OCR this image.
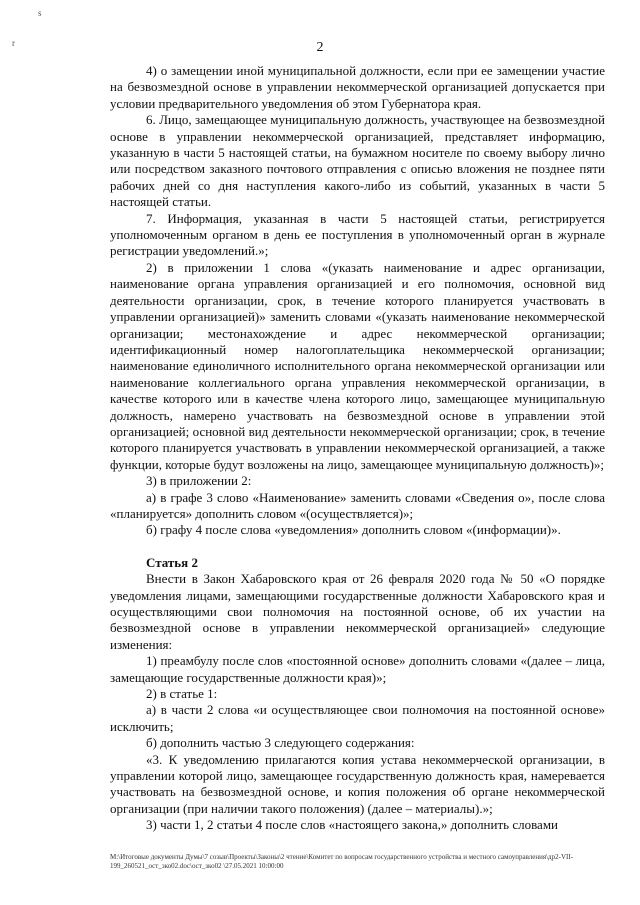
s
r	2

4) о замещении иной муниципальной должности, если при ее замещении участие на безвозмездной основе в управлении некоммерческой организацией допускается при условии предварительного уведомления об этом Губернатора края.

6. Лицо, замещающее муниципальную должность, участвующее на безвозмездной основе в управлении некоммерческой организацией, представляет информацию, указанную в части 5 настоящей статьи, на бумажном носителе по своему выбору лично или посредством заказного почтового отправления с описью вложения не позднее пяти рабочих дней со дня наступления какого-либо из событий, указанных в части 5 настоящей статьи.

7. Информация, указанная в части 5 настоящей статьи, регистрируется уполномоченным органом в день ее поступления в уполномоченный орган в журнале регистрации уведомлений.»;

2) в приложении 1 слова «(указать наименование и адрес организации, наименование органа управления организацией и его полномочия, основной вид деятельности организации, срок, в течение которого планируется участвовать в управлении организацией)» заменить словами «(указать наименование некоммерческой организации; местонахождение и адрес некоммерческой организации; идентификационный номер налогоплательщика некоммерческой организации; наименование единоличного исполнительного органа некоммерческой организации или наименование коллегиального органа управления некоммерческой организации, в качестве которого или в качестве члена которого лицо, замещающее муниципальную должность, намерено участвовать на безвозмездной основе в управлении этой организацией; основной вид деятельности некоммерческой организации; срок, в течение которого планируется участвовать в управлении некоммерческой организацией, а также функции, которые будут возложены на лицо, замещающее муниципальную должность)»;

3) в приложении 2:

а) в графе 3 слово «Наименование» заменить словами «Сведения о», после слова «планируется» дополнить словом «(осуществляется)»;

б) графу 4 после слова «уведомления» дополнить словом «(информации)».

Статья 2

Внести в Закон Хабаровского края от 26 февраля 2020 года № 50 «О порядке уведомления лицами, замещающими государственные должности Хабаровского края и осуществляющими свои полномочия на постоянной основе, об их участии на безвозмездной основе в управлении некоммерческой организацией» следующие изменения:

1) преамбулу после слов «постоянной основе» дополнить словами «(далее – лица, замещающие государственные должности края)»;

2) в статье 1:

а) в части 2 слова «и осуществляющее свои полномочия на постоянной основе» исключить;

б) дополнить частью 3 следующего содержания:

«3. К уведомлению прилагаются копия устава некоммерческой организации, в управлении которой лицо, замещающее государственную должность края, намеревается участвовать на безвозмездной основе, и копия положения об органе некоммерческой организации (при наличии такого положения) (далее – материалы).»;

3) части 1, 2 статьи 4 после слов «настоящего закона,» дополнить словами

М:\Итоговые документы Думы\7 созыв\Проекты\Законы\2 чтение\Комитет по вопросам государственного устройства и местного самоуправления\др2-VII-199_260521_ост_зко02.doc\ост_зко02 \27.05.2021 10:00:00
